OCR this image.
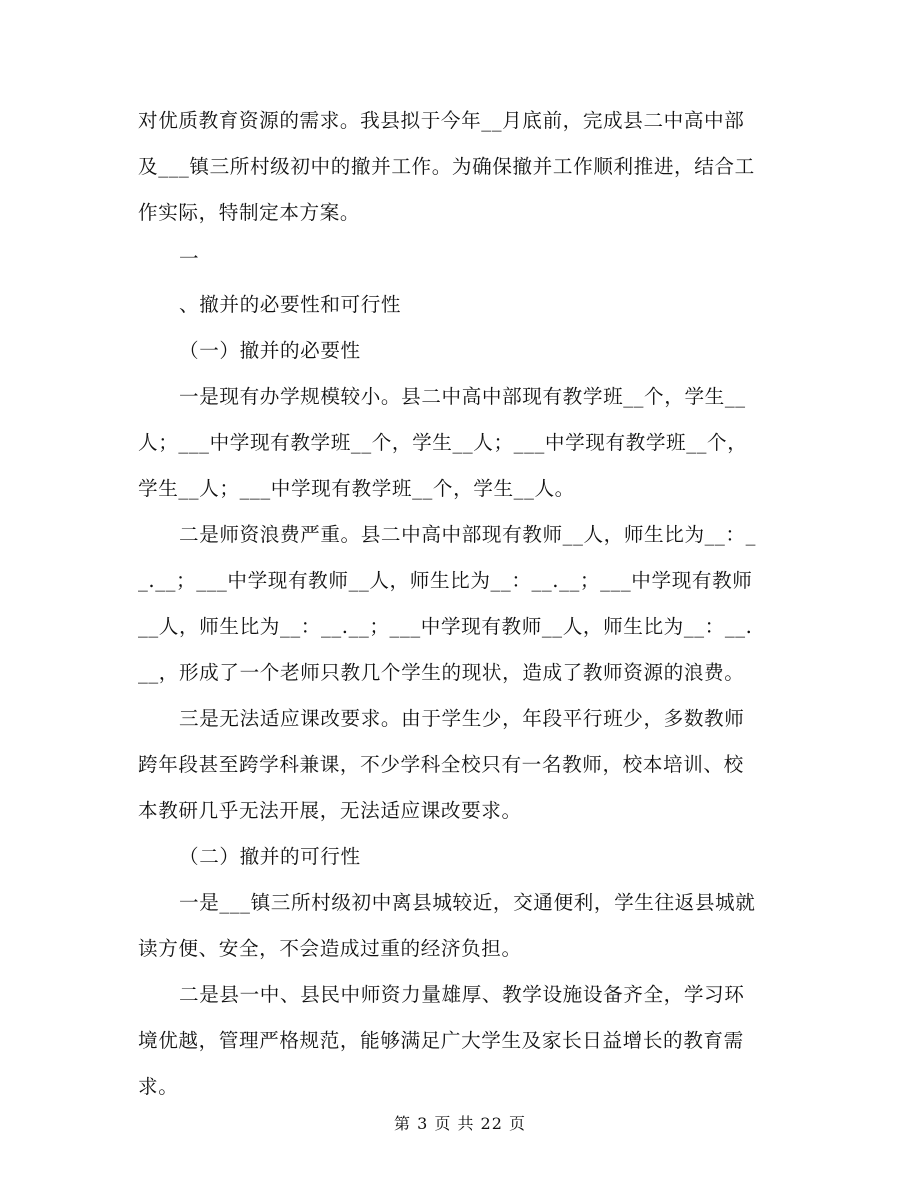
对优质教育资源的需求。我县拟于今年__月底前，完成县二中高中部
及___镇三所村级初中的撤并工作。为确保撤并工作顺利推进，结合工
作实际，特制定本方案。
一
、撤并的必要性和可行性
（一）撤并的必要性
一是现有办学规模较小。县二中高中部现有教学班__个，学生__
人；___中学现有教学班__个，学生__人；___中学现有教学班__个，
学生__人；___中学现有教学班__个，学生__人。
二是师资浪费严重。县二中高中部现有教师__人，师生比为__：_
_.__；___中学现有教师__人，师生比为__：__.__；___中学现有教师
__人，师生比为__：__.__；___中学现有教师__人，师生比为__：__.
__，形成了一个老师只教几个学生的现状，造成了教师资源的浪费。
三是无法适应课改要求。由于学生少，年段平行班少，多数教师
跨年段甚至跨学科兼课，不少学科全校只有一名教师，校本培训、校
本教研几乎无法开展，无法适应课改要求。
（二）撤并的可行性
一是___镇三所村级初中离县城较近，交通便利，学生往返县城就
读方便、安全，不会造成过重的经济负担。
二是县一中、县民中师资力量雄厚、教学设施设备齐全，学习环
境优越，管理严格规范，能够满足广大学生及家长日益增长的教育需
求。
第 3 页 共 22 页
